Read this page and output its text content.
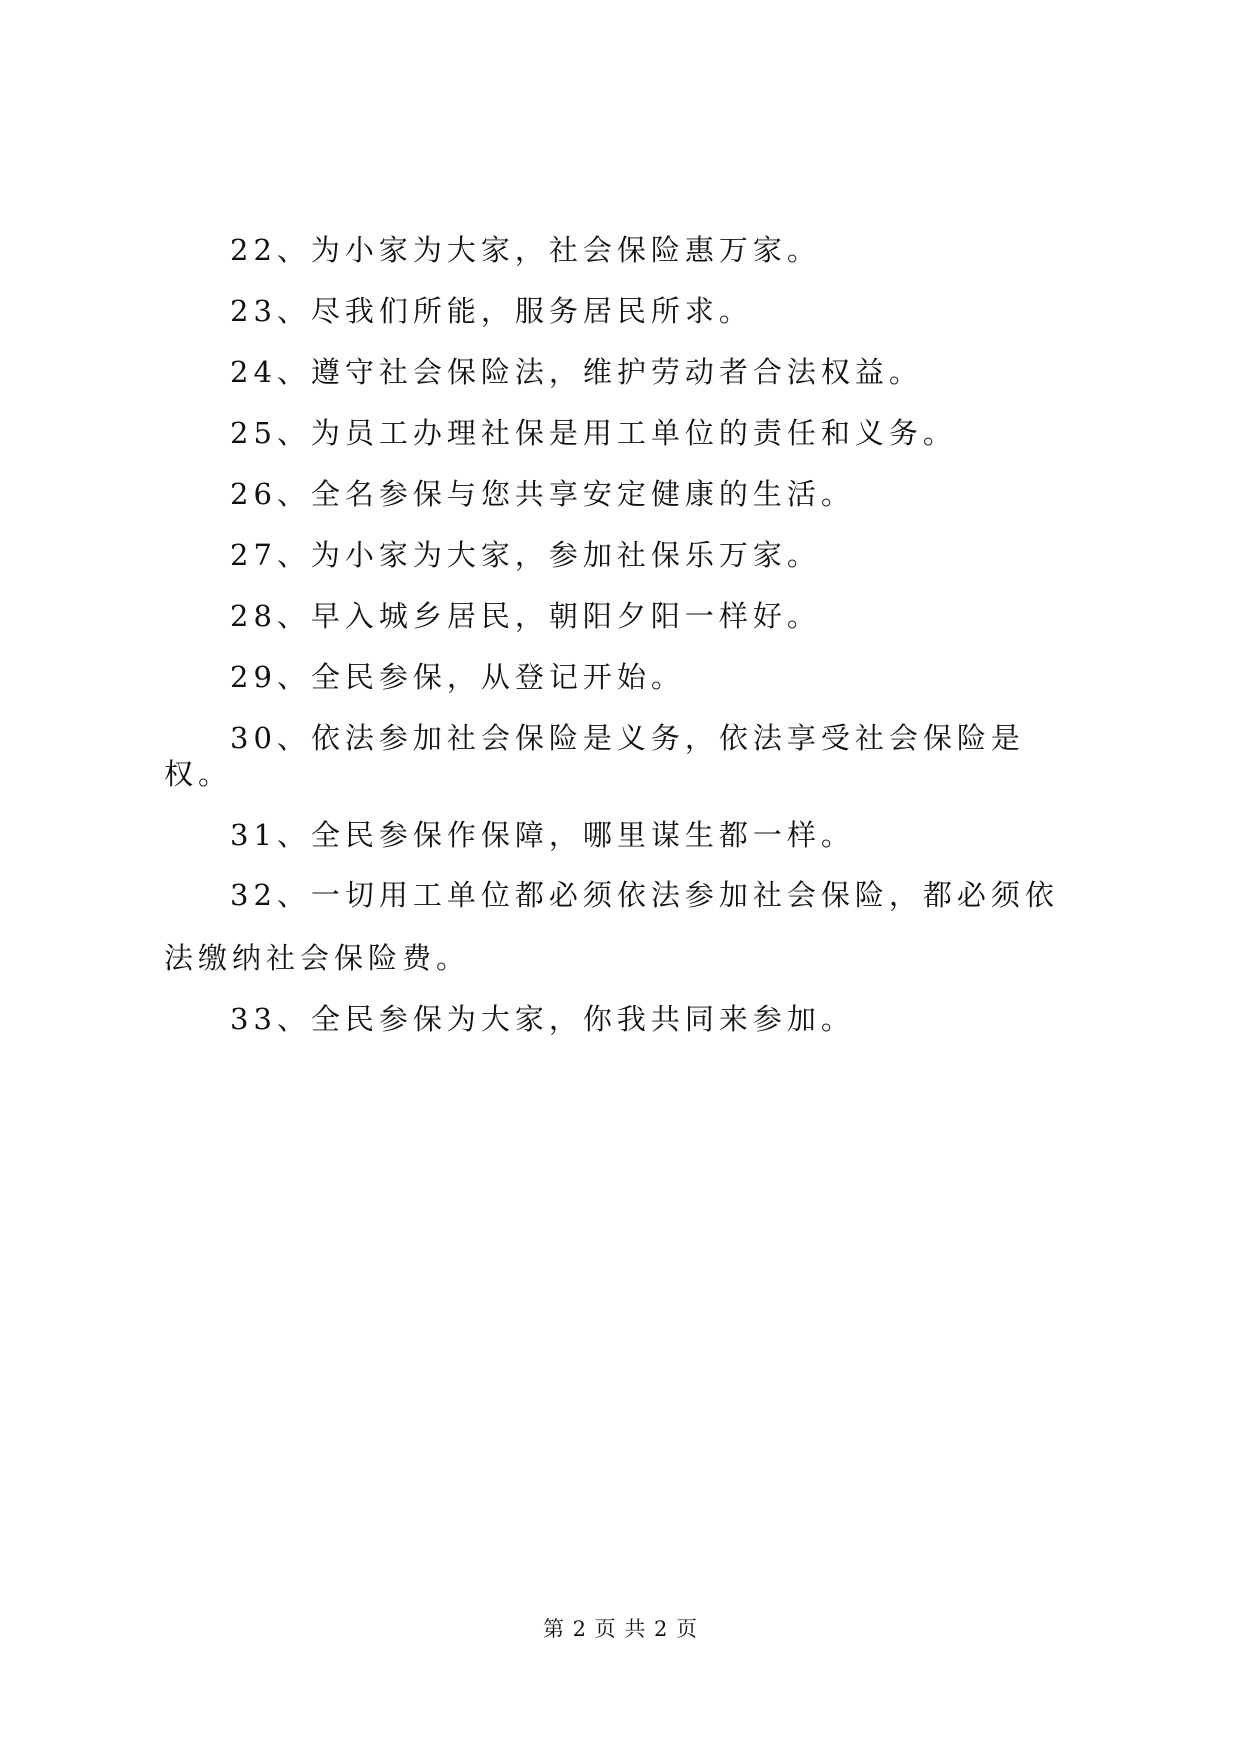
22、为小家为大家，社会保险惠万家。

23、尽我们所能，服务居民所求。

24、遵守社会保险法，维护劳动者合法权益。

25、为员工办理社保是用工单位的责任和义务。

26、全名参保与您共享安定健康的生活。

27、为小家为大家，参加社保乐万家。

28、早入城乡居民，朝阳夕阳一样好。

29、全民参保，从登记开始。

30、依法参加社会保险是义务，依法享受社会保险是权。

31、全民参保作保障，哪里谋生都一样。

32、一切用工单位都必须依法参加社会保险，都必须依法缴纳社会保险费。

33、全民参保为大家，你我共同来参加。

第 2 页 共 2 页
